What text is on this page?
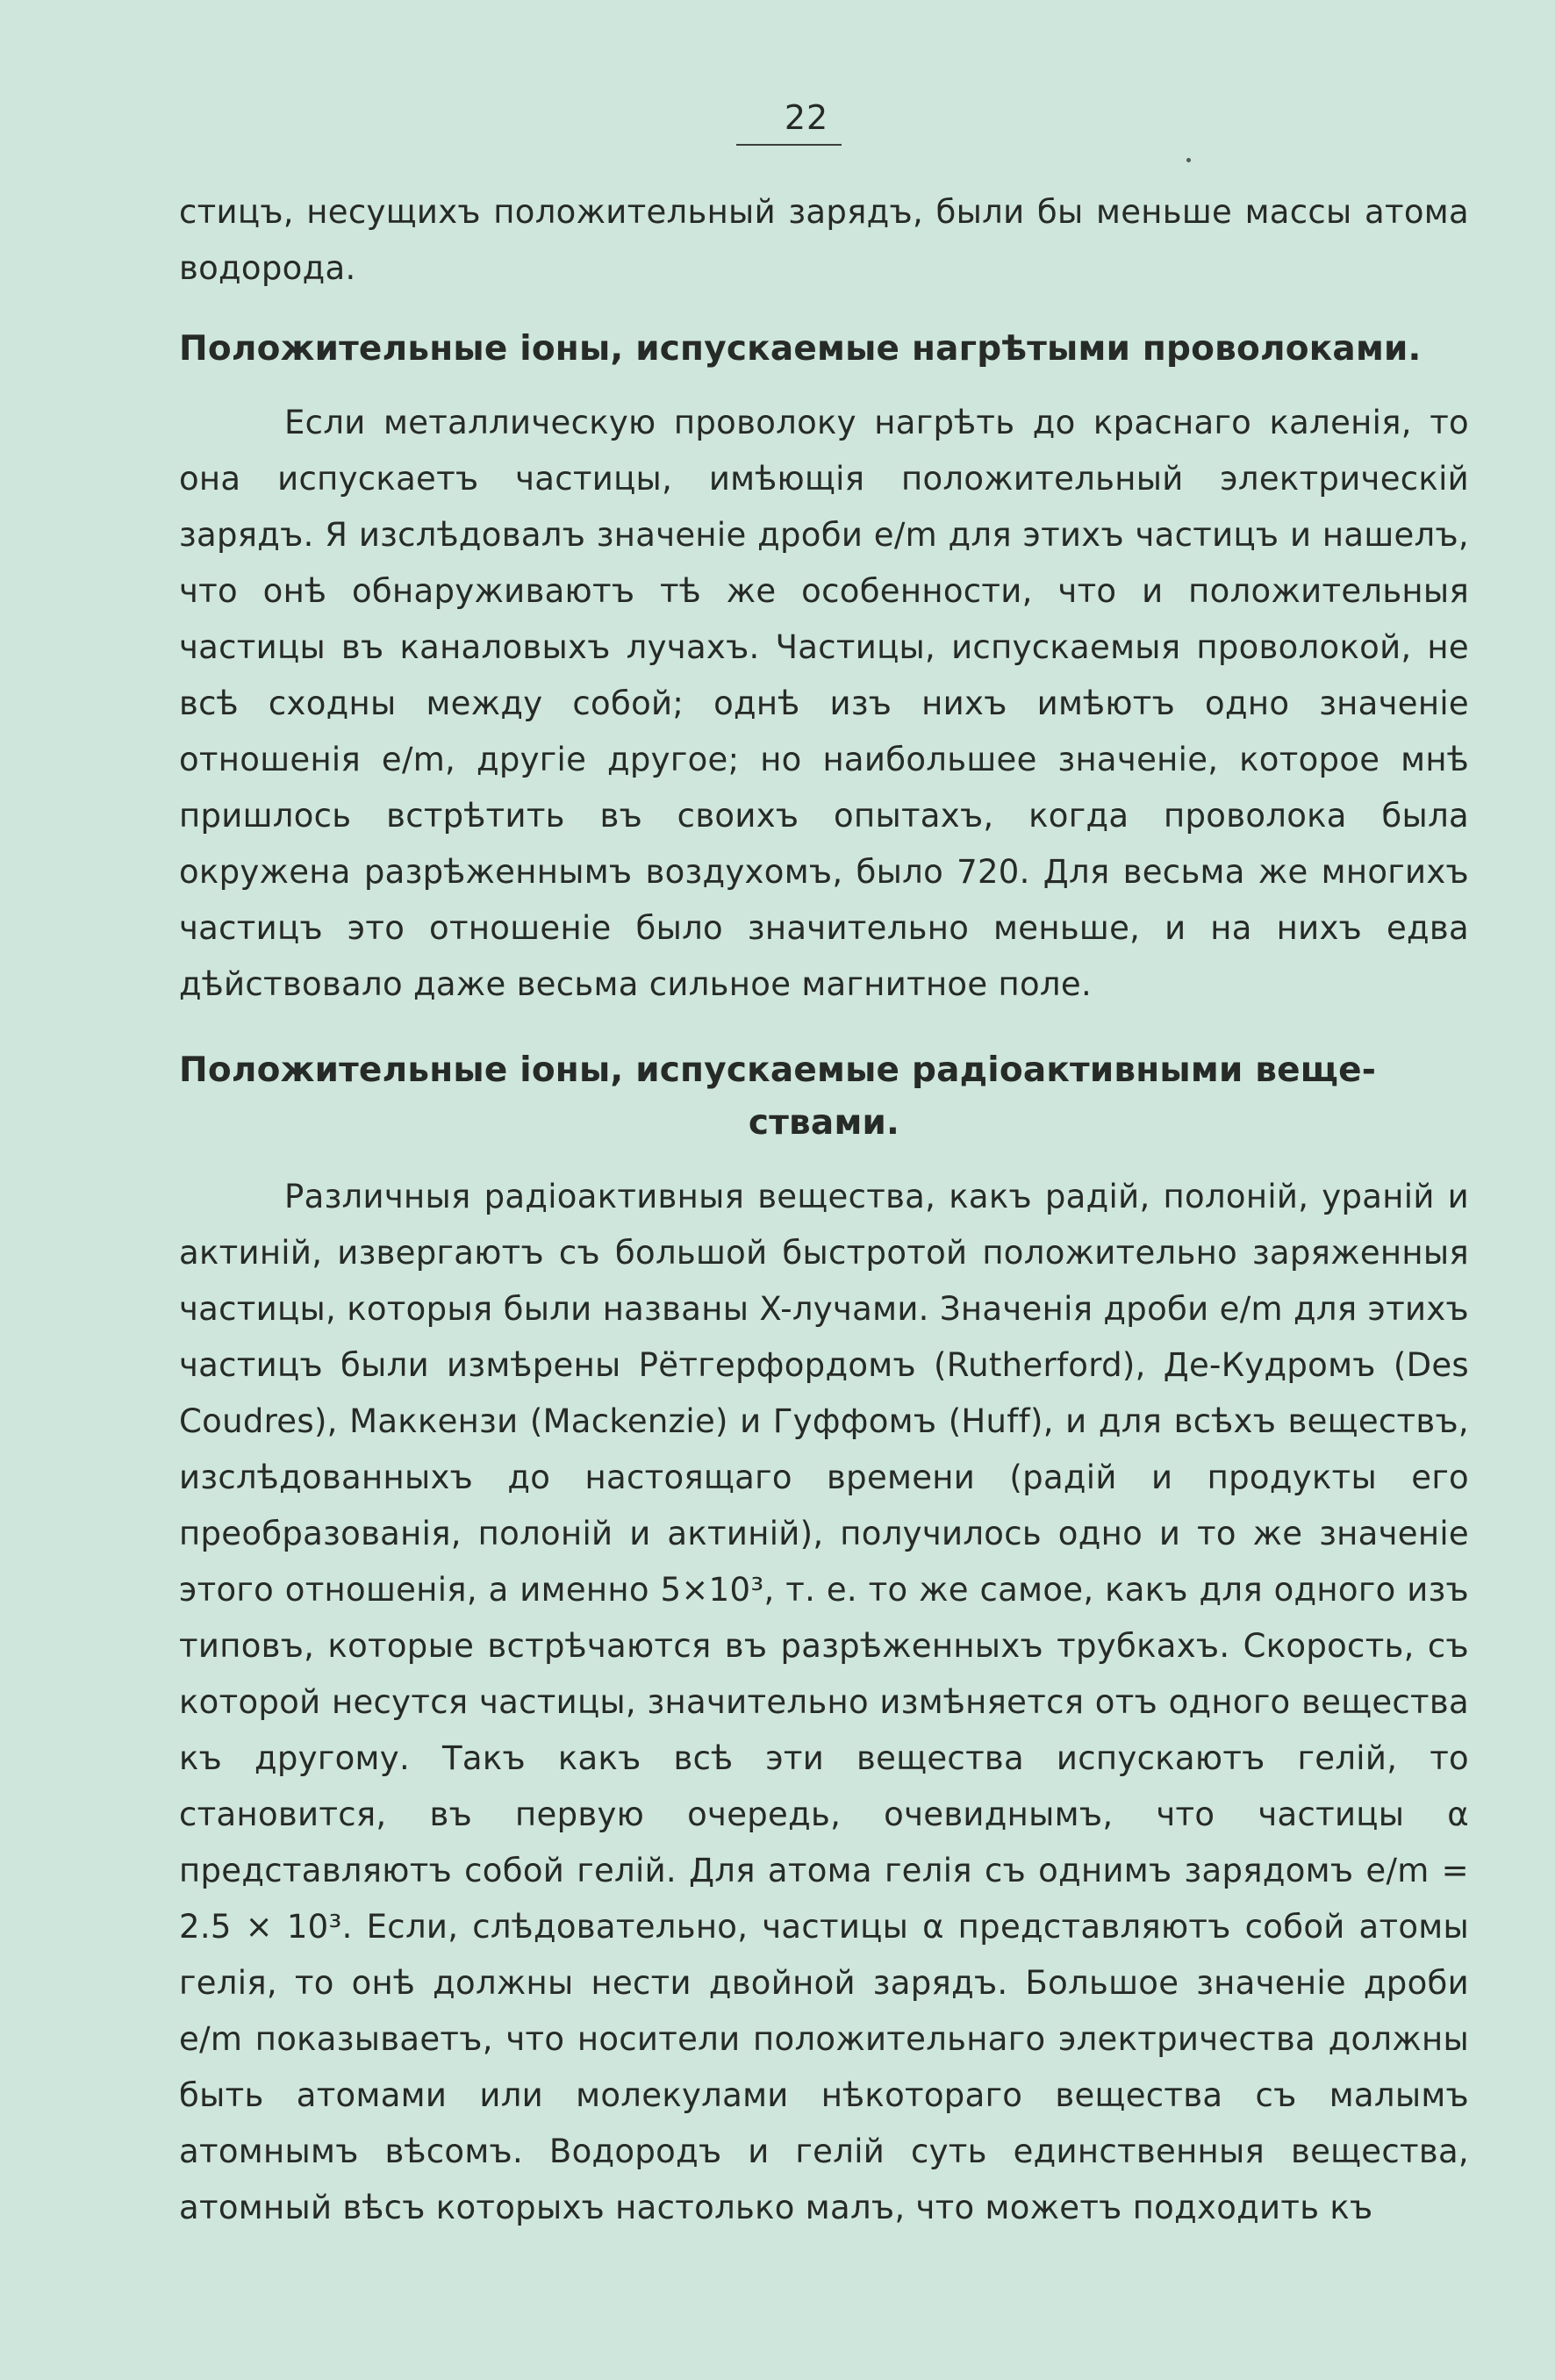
22

стицъ, несущихъ положительный зарядъ, были бы меньше массы атома водорода.

Положительные іоны, испускаемые нагрѣтыми проволоками.

Если металлическую проволоку нагрѣть до краснаго каленія, то она испускаетъ частицы, имѣющія положительный электрическій зарядъ. Я изслѣдовалъ значеніе дроби e/m для этихъ частицъ и нашелъ, что онѣ обнаруживаютъ тѣ же особенности, что и положительныя частицы въ каналовыхъ лучахъ. Частицы, испускаемыя проволокой, не всѣ сходны между собой; однѣ изъ нихъ имѣютъ одно значеніе отношенія e/m, другіе другое; но наибольшее значеніе, которое мнѣ пришлось встрѣтить въ своихъ опытахъ, когда проволока была окружена разрѣженнымъ воздухомъ, было 720. Для весьма же многихъ частицъ это отношеніе было значительно меньше, и на нихъ едва дѣйствовало даже весьма сильное магнитное поле.

Положительные іоны, испускаемые радіоактивными веще-
ствами.

Различныя радіоактивныя вещества, какъ радій, полоній, ураній и актиній, извергаютъ съ большой быстротой положительно заряженныя частицы, которыя были названы X-лучами. Значенія дроби e/m для этихъ частицъ были измѣрены Рётгерфордомъ (Rutherford), Де-Кудромъ (Des Coudres), Маккензи (Mackenzie) и Гуффомъ (Huff), и для всѣхъ веществъ, изслѣдованныхъ до настоящаго времени (радій и продукты его преобразованія, полоній и актиній), получилось одно и то же значеніе этого отношенія, а именно 5×10³, т. е. то же самое, какъ для одного изъ типовъ, которые встрѣчаются въ разрѣженныхъ трубкахъ. Скорость, съ которой несутся частицы, значительно измѣняется отъ одного вещества къ другому. Такъ какъ всѣ эти вещества испускаютъ гелій, то становится, въ первую очередь, очевиднымъ, что частицы α представляютъ собой гелій. Для атома гелія съ однимъ зарядомъ e/m = 2.5 × 10³. Если, слѣдовательно, частицы α представляютъ собой атомы гелія, то онѣ должны нести двойной зарядъ. Большое значеніе дроби e/m показываетъ, что носители положительнаго электричества должны быть атомами или молекулами нѣкотораго вещества съ малымъ атомнымъ вѣсомъ. Водородъ и гелій суть единственныя вещества, атомный вѣсъ которыхъ настолько малъ, что можетъ подходить къ
